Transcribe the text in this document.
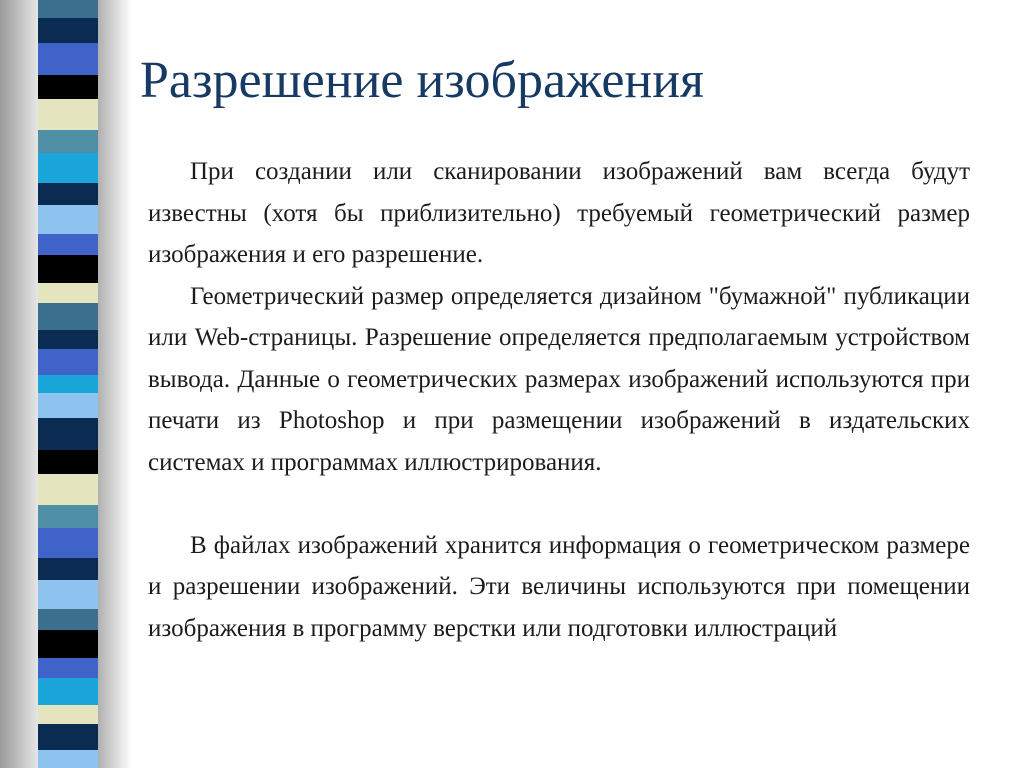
Разрешение изображения

При создании или сканировании изображений вам всегда будут известны (хотя бы приблизительно) требуемый геометрический размер изображения и его разрешение.

Геометрический размер определяется дизайном "бумажной" публикации или Web-страницы. Разрешение определяется предполагаемым устройством вывода. Данные о геометрических размерах изображений используются при печати из Photoshop и при размещении изображений в издательских системах и программах иллюстрирования.

В файлах изображений хранится информация о геометрическом размере и разрешении изображений. Эти величины используются при помещении изображения в программу верстки или подготовки иллюстраций
